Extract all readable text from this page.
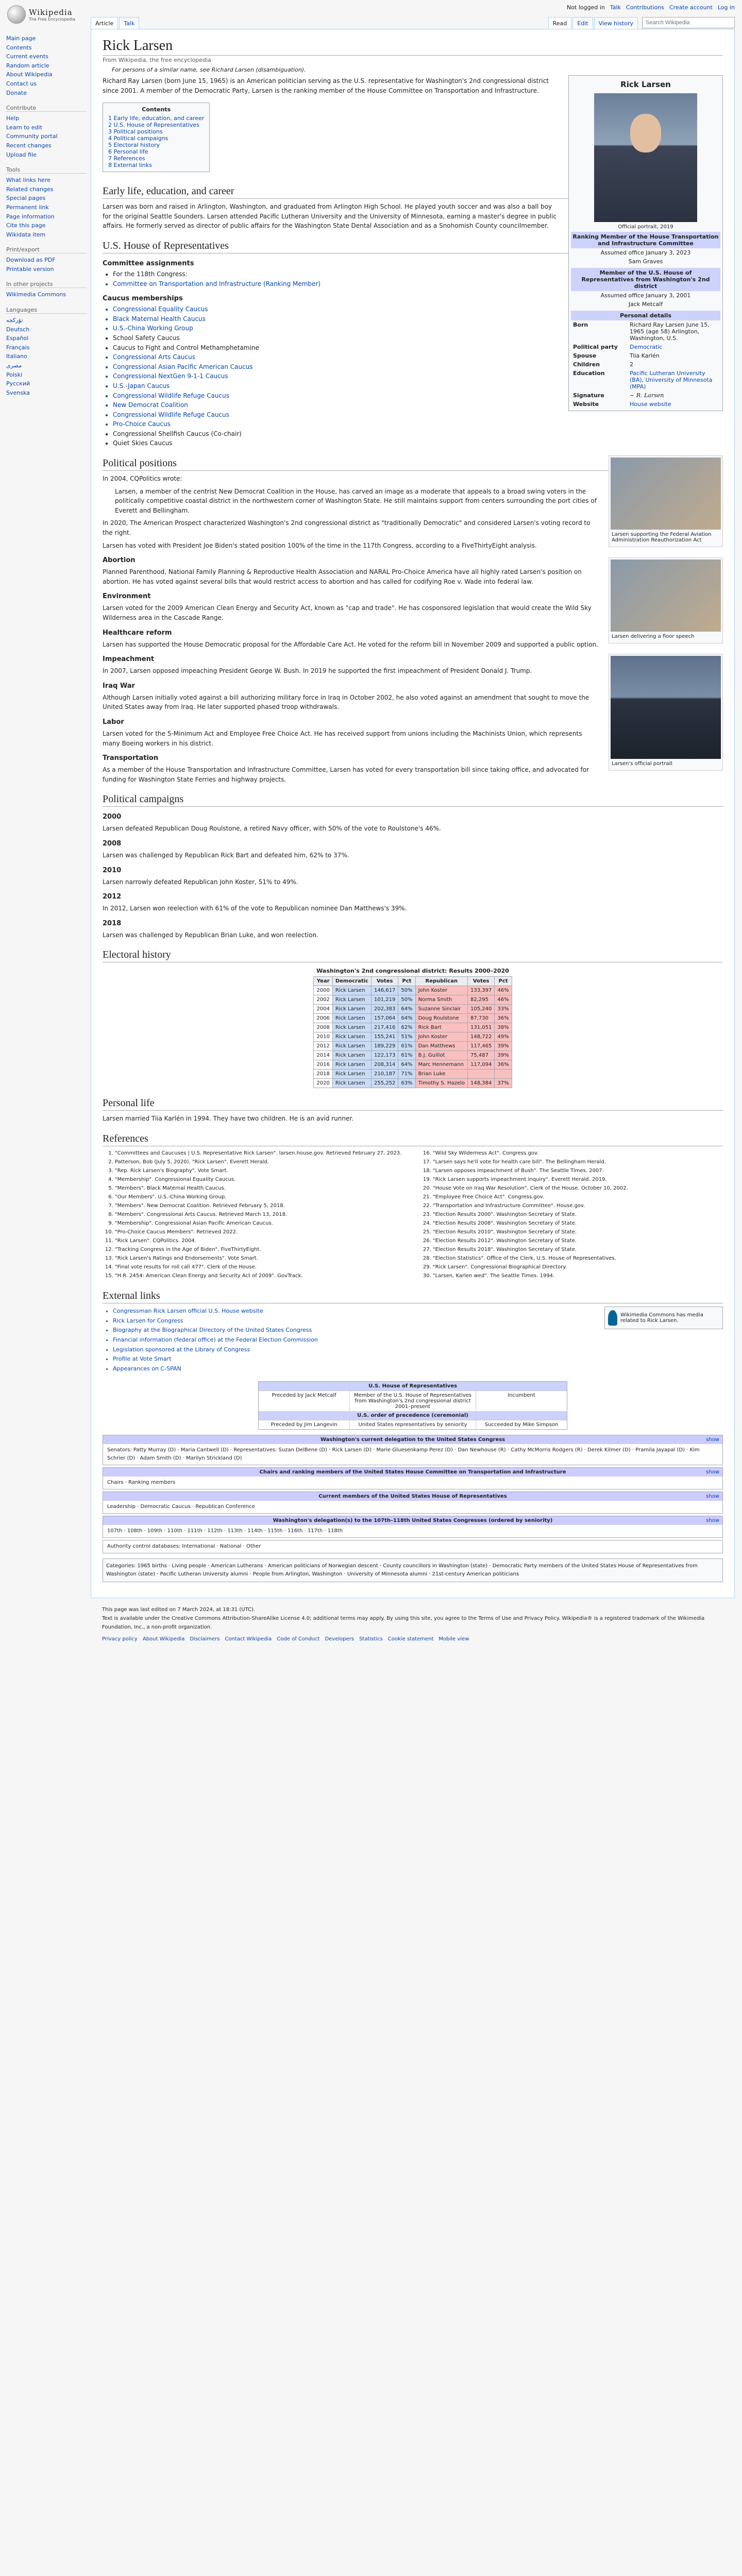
Wikipedia
The Free Encyclopedia
Not logged in Talk Contributions Create account Log in
Article	Talk	Read	Edit	View history
Search Wikipedia
Main page
Contents
Current events
Random article
About Wikipedia
Contact us
Donate
Contribute
Help
Learn to edit
Community portal
Recent changes
Upload file
Tools
What links here
Related changes
Special pages
Permanent link
Page information
Cite this page
Wikidata item
Print/export
Download as PDF
Printable version
In other projects
Wikimedia Commons
Languages
تۆرکجه
Deutsch
Español
Français
Italiano
مصرى
Polski
Русский
Svenska
Rick Larsen
From Wikipedia, the free encyclopedia
For persons of a similar name, see Richard Larsen (disambiguation).
Rick Larsen
Official portrait, 2019
Ranking Member of the House Transportation and Infrastructure Committee
Assumed office January 3, 2023
Sam Graves
Member of the U.S. House of Representatives from Washington's 2nd district
Assumed office January 3, 2001
Jack Metcalf
Personal details
Born	Richard Ray Larsen June 15, 1965 (age 58) Arlington, Washington, U.S.
Political party	Democratic
Spouse	Tiia Karlén
Children	2
Education	Pacific Lutheran University (BA), University of Minnesota (MPA)
Signature	~ R. Larsen
Website	House website

Richard Ray Larsen (born June 15, 1965) is an American politician serving as the U.S. representative for Washington's 2nd congressional district since 2001. A member of the Democratic Party, Larsen is the ranking member of the House Committee on Transportation and Infrastructure.

Contents
1 Early life, education, and career
2 U.S. House of Representatives
3 Political positions
4 Political campaigns
5 Electoral history
6 Personal life
7 References
8 External links
Early life, education, and career

Larsen was born and raised in Arlington, Washington, and graduated from Arlington High School. He played youth soccer and was also a ball boy for the original Seattle Sounders. Larsen attended Pacific Lutheran University and the University of Minnesota, earning a master's degree in public affairs. He formerly served as director of public affairs for the Washington State Dental Association and as a Snohomish County councilmember.

U.S. House of Representatives
Committee assignments
• For the 118th Congress:
• Committee on Transportation and Infrastructure (Ranking Member)
Caucus memberships
• Congressional Equality Caucus
• Black Maternal Health Caucus
• U.S.-China Working Group
• School Safety Caucus
• Caucus to Fight and Control Methamphetamine
• Congressional Arts Caucus
• Congressional Asian Pacific American Caucus
• Congressional NextGen 9-1-1 Caucus
• U.S.-Japan Caucus
• Congressional Wildlife Refuge Caucus
• New Democrat Coalition
• Congressional Wildlife Refuge Caucus
• Pro-Choice Caucus
• Congressional Shellfish Caucus (Co-chair)
• Quiet Skies Caucus
Larsen supporting the Federal Aviation Administration Reauthorization Act
Political positions

In 2004, CQPolitics wrote:

Larsen, a member of the centrist New Democrat Coalition in the House, has carved an image as a moderate that appeals to a broad swing voters in the politically competitive coastal district in the northwestern corner of Washington State. He still maintains support from centers surrounding the port cities of Everett and Bellingham.

In 2020, The American Prospect characterized Washington's 2nd congressional district as "traditionally Democratic" and considered Larsen's voting record to the right.

Larsen delivering a floor speech

Larsen has voted with President Joe Biden's stated position 100% of the time in the 117th Congress, according to a FiveThirtyEight analysis.

Larsen's official portrait
Abortion

Planned Parenthood, National Family Planning & Reproductive Health Association and NARAL Pro-Choice America have all highly rated Larsen's position on abortion. He has voted against several bills that would restrict access to abortion and has called for codifying Roe v. Wade into federal law.

Environment

Larsen voted for the 2009 American Clean Energy and Security Act, known as "cap and trade". He has cosponsored legislation that would create the Wild Sky Wilderness area in the Cascade Range.

Healthcare reform

Larsen has supported the House Democratic proposal for the Affordable Care Act. He voted for the reform bill in November 2009 and supported a public option.

Impeachment

In 2007, Larsen opposed impeaching President George W. Bush. In 2019 he supported the first impeachment of President Donald J. Trump.

Iraq War

Although Larsen initially voted against a bill authorizing military force in Iraq in October 2002, he also voted against an amendment that sought to move the United States away from Iraq. He later supported phased troop withdrawals.

Labor

Larsen voted for the 5-Minimum Act and Employee Free Choice Act. He has received support from unions including the Machinists Union, which represents many Boeing workers in his district.

Transportation

As a member of the House Transportation and Infrastructure Committee, Larsen has voted for every transportation bill since taking office, and advocated for funding for Washington State Ferries and highway projects.

Political campaigns
2000

Larsen defeated Republican Doug Roulstone, a retired Navy officer, with 50% of the vote to Roulstone's 46%.

2008

Larsen was challenged by Republican Rick Bart and defeated him, 62% to 37%.

2010

Larsen narrowly defeated Republican John Koster, 51% to 49%.

2012

In 2012, Larsen won reelection with 61% of the vote to Republican nominee Dan Matthews's 39%.

2018

Larsen was challenged by Republican Brian Luke, and won reelection.

Electoral history
Washington's 2nd congressional district: Results 2000–2020
Year	Democratic	Votes	Pct	Republican	Votes	Pct
2000	Rick Larsen	146,617	50%	John Koster	133,397	46%
2002	Rick Larsen	101,219	50%	Norma Smith	82,295	46%
2004	Rick Larsen	202,383	64%	Suzanne Sinclair	105,240	33%
2006	Rick Larsen	157,064	64%	Doug Roulstone	87,730	36%
2008	Rick Larsen	217,416	62%	Rick Bart	131,051	38%
2010	Rick Larsen	155,241	51%	John Koster	148,722	49%
2012	Rick Larsen	189,229	61%	Dan Matthews	117,465	39%
2014	Rick Larsen	122,173	61%	B.J. Guillot	75,487	39%
2016	Rick Larsen	208,314	64%	Marc Hennemann	117,094	36%
2018	Rick Larsen	210,187	71%	Brian Luke		
2020	Rick Larsen	255,252	63%	Timothy S. Hazelo	148,384	37%
Personal life

Larsen married Tiia Karlén in 1994. They have two children. He is an avid runner.

References
1. "Committees and Caucuses | U.S. Representative Rick Larsen". larsen.house.gov. Retrieved February 27, 2023.
2. Patterson, Bob (July 5, 2020). "Rick Larsen". Everett Herald.
3. "Rep. Rick Larsen's Biography". Vote Smart.
4. "Membership". Congressional Equality Caucus.
5. "Members". Black Maternal Health Caucus.
6. "Our Members". U.S.-China Working Group.
7. "Members". New Democrat Coalition. Retrieved February 5, 2018.
8. "Members". Congressional Arts Caucus. Retrieved March 13, 2018.
9. "Membership". Congressional Asian Pacific American Caucus.
10. "Pro-Choice Caucus Members". Retrieved 2022.
11. "Rick Larsen". CQPolitics. 2004.
12. "Tracking Congress in the Age of Biden". FiveThirtyEight.
13. "Rick Larsen's Ratings and Endorsements". Vote Smart.
14. "Final vote results for roll call 477". Clerk of the House.
15. "H.R. 2454: American Clean Energy and Security Act of 2009". GovTrack.
16. "Wild Sky Wilderness Act". Congress.gov.
17. "Larsen says he'll vote for health care bill". The Bellingham Herald.
18. "Larsen opposes impeachment of Bush". The Seattle Times. 2007.
19. "Rick Larsen supports impeachment inquiry". Everett Herald. 2019.
20. "House Vote on Iraq War Resolution". Clerk of the House. October 10, 2002.
21. "Employee Free Choice Act". Congress.gov.
22. "Transportation and Infrastructure Committee". House.gov.
23. "Election Results 2000". Washington Secretary of State.
24. "Election Results 2008". Washington Secretary of State.
25. "Election Results 2010". Washington Secretary of State.
26. "Election Results 2012". Washington Secretary of State.
27. "Election Results 2018". Washington Secretary of State.
28. "Election Statistics". Office of the Clerk, U.S. House of Representatives.
29. "Rick Larsen". Congressional Biographical Directory.
30. "Larsen, Karlen wed". The Seattle Times. 1994.
External links
Wikimedia Commons has media related to Rick Larsen.
• Congressman Rick Larsen official U.S. House website
• Rick Larsen for Congress
• Biography at the Biographical Directory of the United States Congress
• Financial information (federal office) at the Federal Election Commission
• Legislation sponsored at the Library of Congress
• Profile at Vote Smart
• Appearances on C-SPAN
U.S. House of Representatives
Preceded by Jack Metcalf	Member of the U.S. House of Representatives from Washington's 2nd congressional district 2001–present
Incumbent
U.S. order of precedence (ceremonial)
Preceded by Jim Langevin	United States representatives by seniority	Succeeded by Mike Simpson
Washington's current delegation to the United States Congress	show
Senators: Patty Murray (D) · Maria Cantwell (D) · Representatives: Suzan DelBene (D) · Rick Larsen (D) · Marie Gluesenkamp Perez (D) · Dan Newhouse (R) · Cathy McMorris Rodgers (R) · Derek Kilmer (D) · Pramila Jayapal (D) · Kim Schrier (D) · Adam Smith (D) · Marilyn Strickland (D)
Chairs and ranking members of the United States House Committee on Transportation and Infrastructure	show
Chairs · Ranking members
Current members of the United States House of Representatives	show
Leadership · Democratic Caucus · Republican Conference
Washington's delegation(s) to the 107th–118th United States Congresses (ordered by seniority)	show
107th · 108th · 109th · 110th · 111th · 112th · 113th · 114th · 115th · 116th · 117th · 118th
Authority control databases: International · National · Other
Categories: 1965 births · Living people · American Lutherans · American politicians of Norwegian descent · County councillors in Washington (state) · Democratic Party members of the United States House of Representatives from Washington (state) · Pacific Lutheran University alumni · People from Arlington, Washington · University of Minnesota alumni · 21st-century American politicians
This page was last edited on 7 March 2024, at 18:31 (UTC).
Text is available under the Creative Commons Attribution-ShareAlike License 4.0; additional terms may apply. By using this site, you agree to the Terms of Use and Privacy Policy. Wikipedia® is a registered trademark of the Wikimedia Foundation, Inc., a non-profit organization.
Privacy policy About Wikipedia Disclaimers Contact Wikipedia Code of Conduct Developers Statistics Cookie statement Mobile view
